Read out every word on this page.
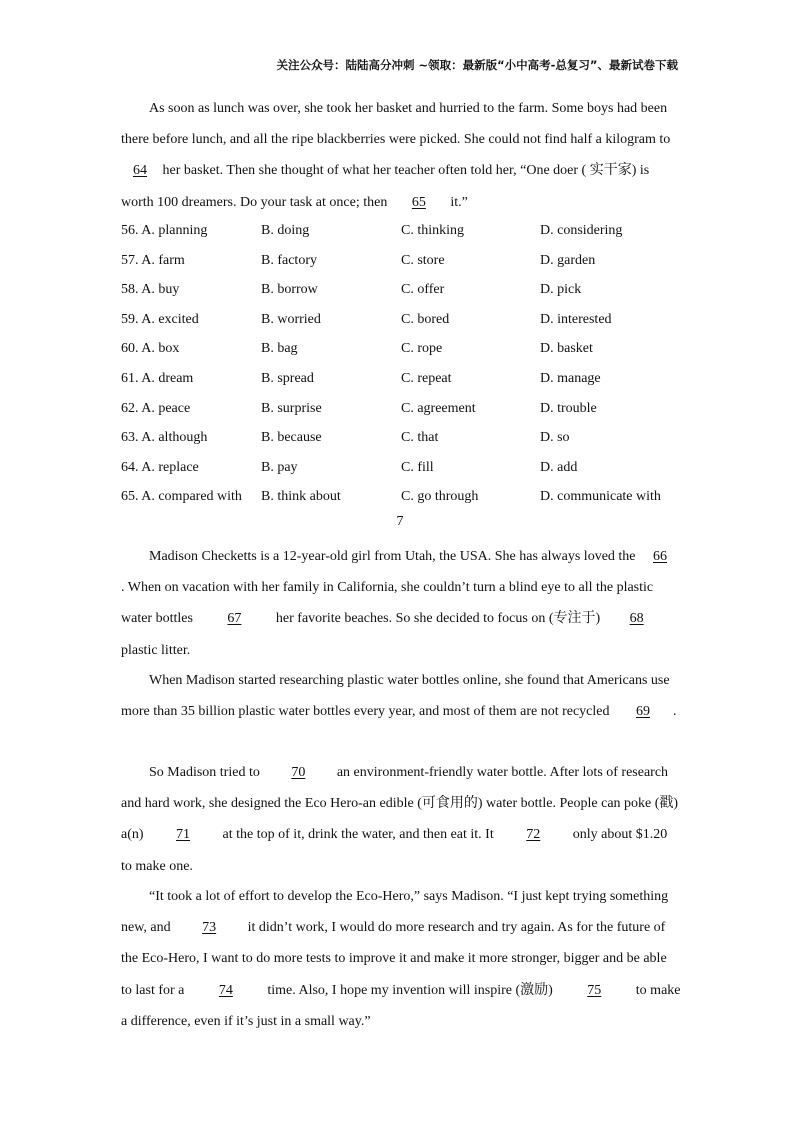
关注公众号：陆陆高分冲刺 ~领取：最新版“小中高考-总复习”、最新试卷下载

As soon as lunch was over, she took her basket and hurried to the farm. Some boys had been there before lunch, and all the ripe blackberries were picked. She could not find half a kilogram to 64 her basket. Then she thought of what her teacher often told her, “One doer ( 实干家) is worth 100 dreamers. Do your task at once; then 65 it.”

56. A. planning	B. doing	C. thinking	D. considering
57. A. farm	B. factory	C. store	D. garden
58. A. buy	B. borrow	C. offer	D. pick
59. A. excited	B. worried	C. bored	D. interested
60. A. box	B. bag	C. rope	D. basket
61. A. dream	B. spread	C. repeat	D. manage
62. A. peace	B. surprise	C. agreement	D. trouble
63. A. although	B. because	C. that	D. so
64. A. replace	B. pay	C. fill	D. add
65. A. compared with B. think about	C. go through	D. communicate with
7

Madison Checketts is a 12-year-old girl from Utah, the USA. She has always loved the 66. When on vacation with her family in California, she couldn’t turn a blind eye to all the plastic water bottles 67 her favorite beaches. So she decided to focus on (专注于) 68 plastic litter.

When Madison started researching plastic water bottles online, she found that Americans use more than 35 billion plastic water bottles every year, and most of them are not recycled 69 .

So Madison tried to 70 an environment-friendly water bottle. After lots of research and hard work, she designed the Eco Hero-an edible (可食用的) water bottle. People can poke (戳) a(n) 71 at the top of it, drink the water, and then eat it. It 72 only about $1.20 to make one.

“It took a lot of effort to develop the Eco-Hero,” says Madison. “I just kept trying something new, and 73 it didn’t work, I would do more research and try again. As for the future of the Eco-Hero, I want to do more tests to improve it and make it more stronger, bigger and be able to last for a 74 time. Also, I hope my invention will inspire (激励) 75 to make a difference, even if it’s just in a small way.”
